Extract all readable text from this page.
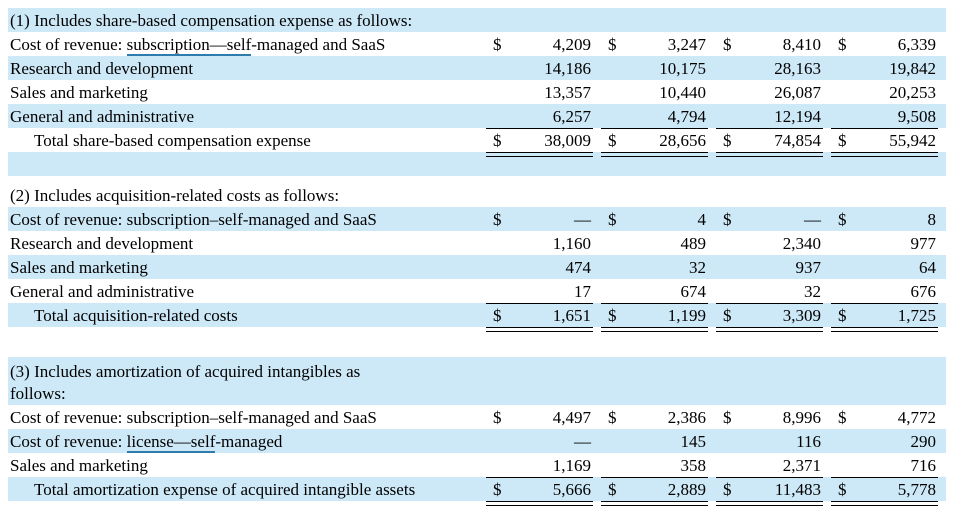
(1) Includes share-based compensation expense as follows:												
Cost of revenue: subscription—self-managed and SaaS	$	4,209		$	3,247		$	8,410		$	6,339	
Research and development		14,186			10,175			28,163			19,842	
Sales and marketing		13,357			10,440			26,087			20,253	
General and administrative		6,257			4,794			12,194			9,508	
Total share-based compensation expense	$	38,009		$	28,656		$	74,854		$	55,942	

(2) Includes acquisition-related costs as follows:												
Cost of revenue: subscription–self-managed and SaaS	$	—		$	4		$	—		$	8	
Research and development		1,160			489			2,340			977	
Sales and marketing		474			32			937			64	
General and administrative		17			674			32			676	
Total acquisition-related costs	$	1,651		$	1,199		$	3,309		$	1,725	

(3) Includes amortization of acquired intangibles as
follows:												
Cost of revenue: subscription–self-managed and SaaS	$	4,497		$	2,386		$	8,996		$	4,772	
Cost of revenue: license—self-managed		—			145			116			290	
Sales and marketing		1,169			358			2,371			716	
Total amortization expense of acquired intangible assets	$	5,666		$	2,889		$	11,483		$	5,778	
